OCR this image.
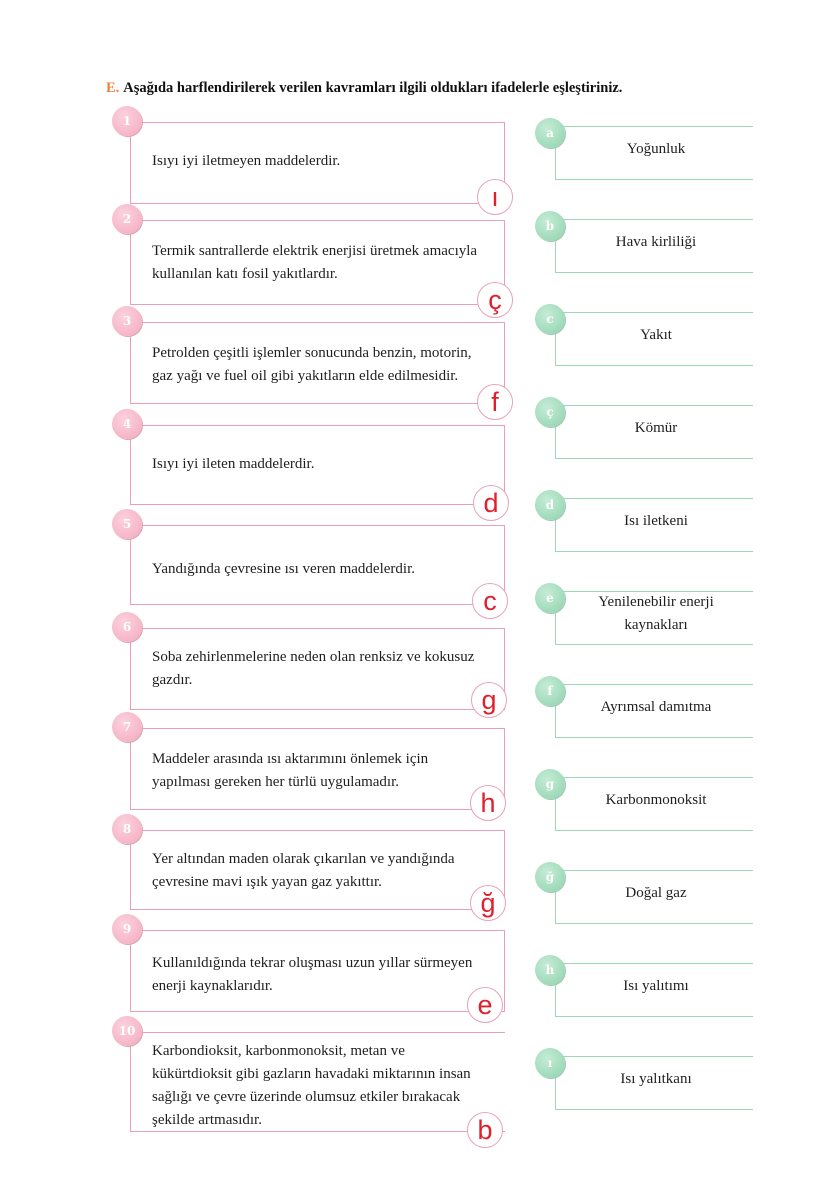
E. Aşağıda harflendirilerek verilen kavramları ilgili oldukları ifadelerle eşleştiriniz.
1
Isıyı iyi iletmeyen maddelerdir.
ı
2
Termik santrallerde elektrik enerjisi üretmek amacıyla kullanılan katı fosil yakıtlardır.
ç
3
Petrolden çeşitli işlemler sonucunda benzin, motorin, gaz yağı ve fuel oil gibi yakıtların elde edilmesidir.
f
4
Isıyı iyi ileten maddelerdir.
d
5
Yandığında çevresine ısı veren maddelerdir.
c
6
Soba zehirlenmelerine neden olan renksiz ve kokusuz gazdır.
g
7
Maddeler arasında ısı aktarımını önlemek için yapılması gereken her türlü uygulamadır.
h
8
Yer altından maden olarak çıkarılan ve yandığında çevresine mavi ışık yayan gaz yakıttır.
ğ
9
Kullanıldığında tekrar oluşması uzun yıllar sürmeyen enerji kaynaklarıdır.
e
10
Karbondioksit, karbonmonoksit, metan ve kükürtdioksit gibi gazların havadaki miktarının insan sağlığı ve çevre üzerinde olumsuz etkiler bırakacak şekilde artmasıdır.	b
a
Yoğunluk
b
Hava kirliliği
c
Yakıt
ç
Kömür
d
Isı iletkeni
e	Yenilenebilir enerji kaynakları
f
Ayrımsal damıtma
g
Karbonmonoksit
ğ
Doğal gaz
h
Isı yalıtımı
ı
Isı yalıtkanı
